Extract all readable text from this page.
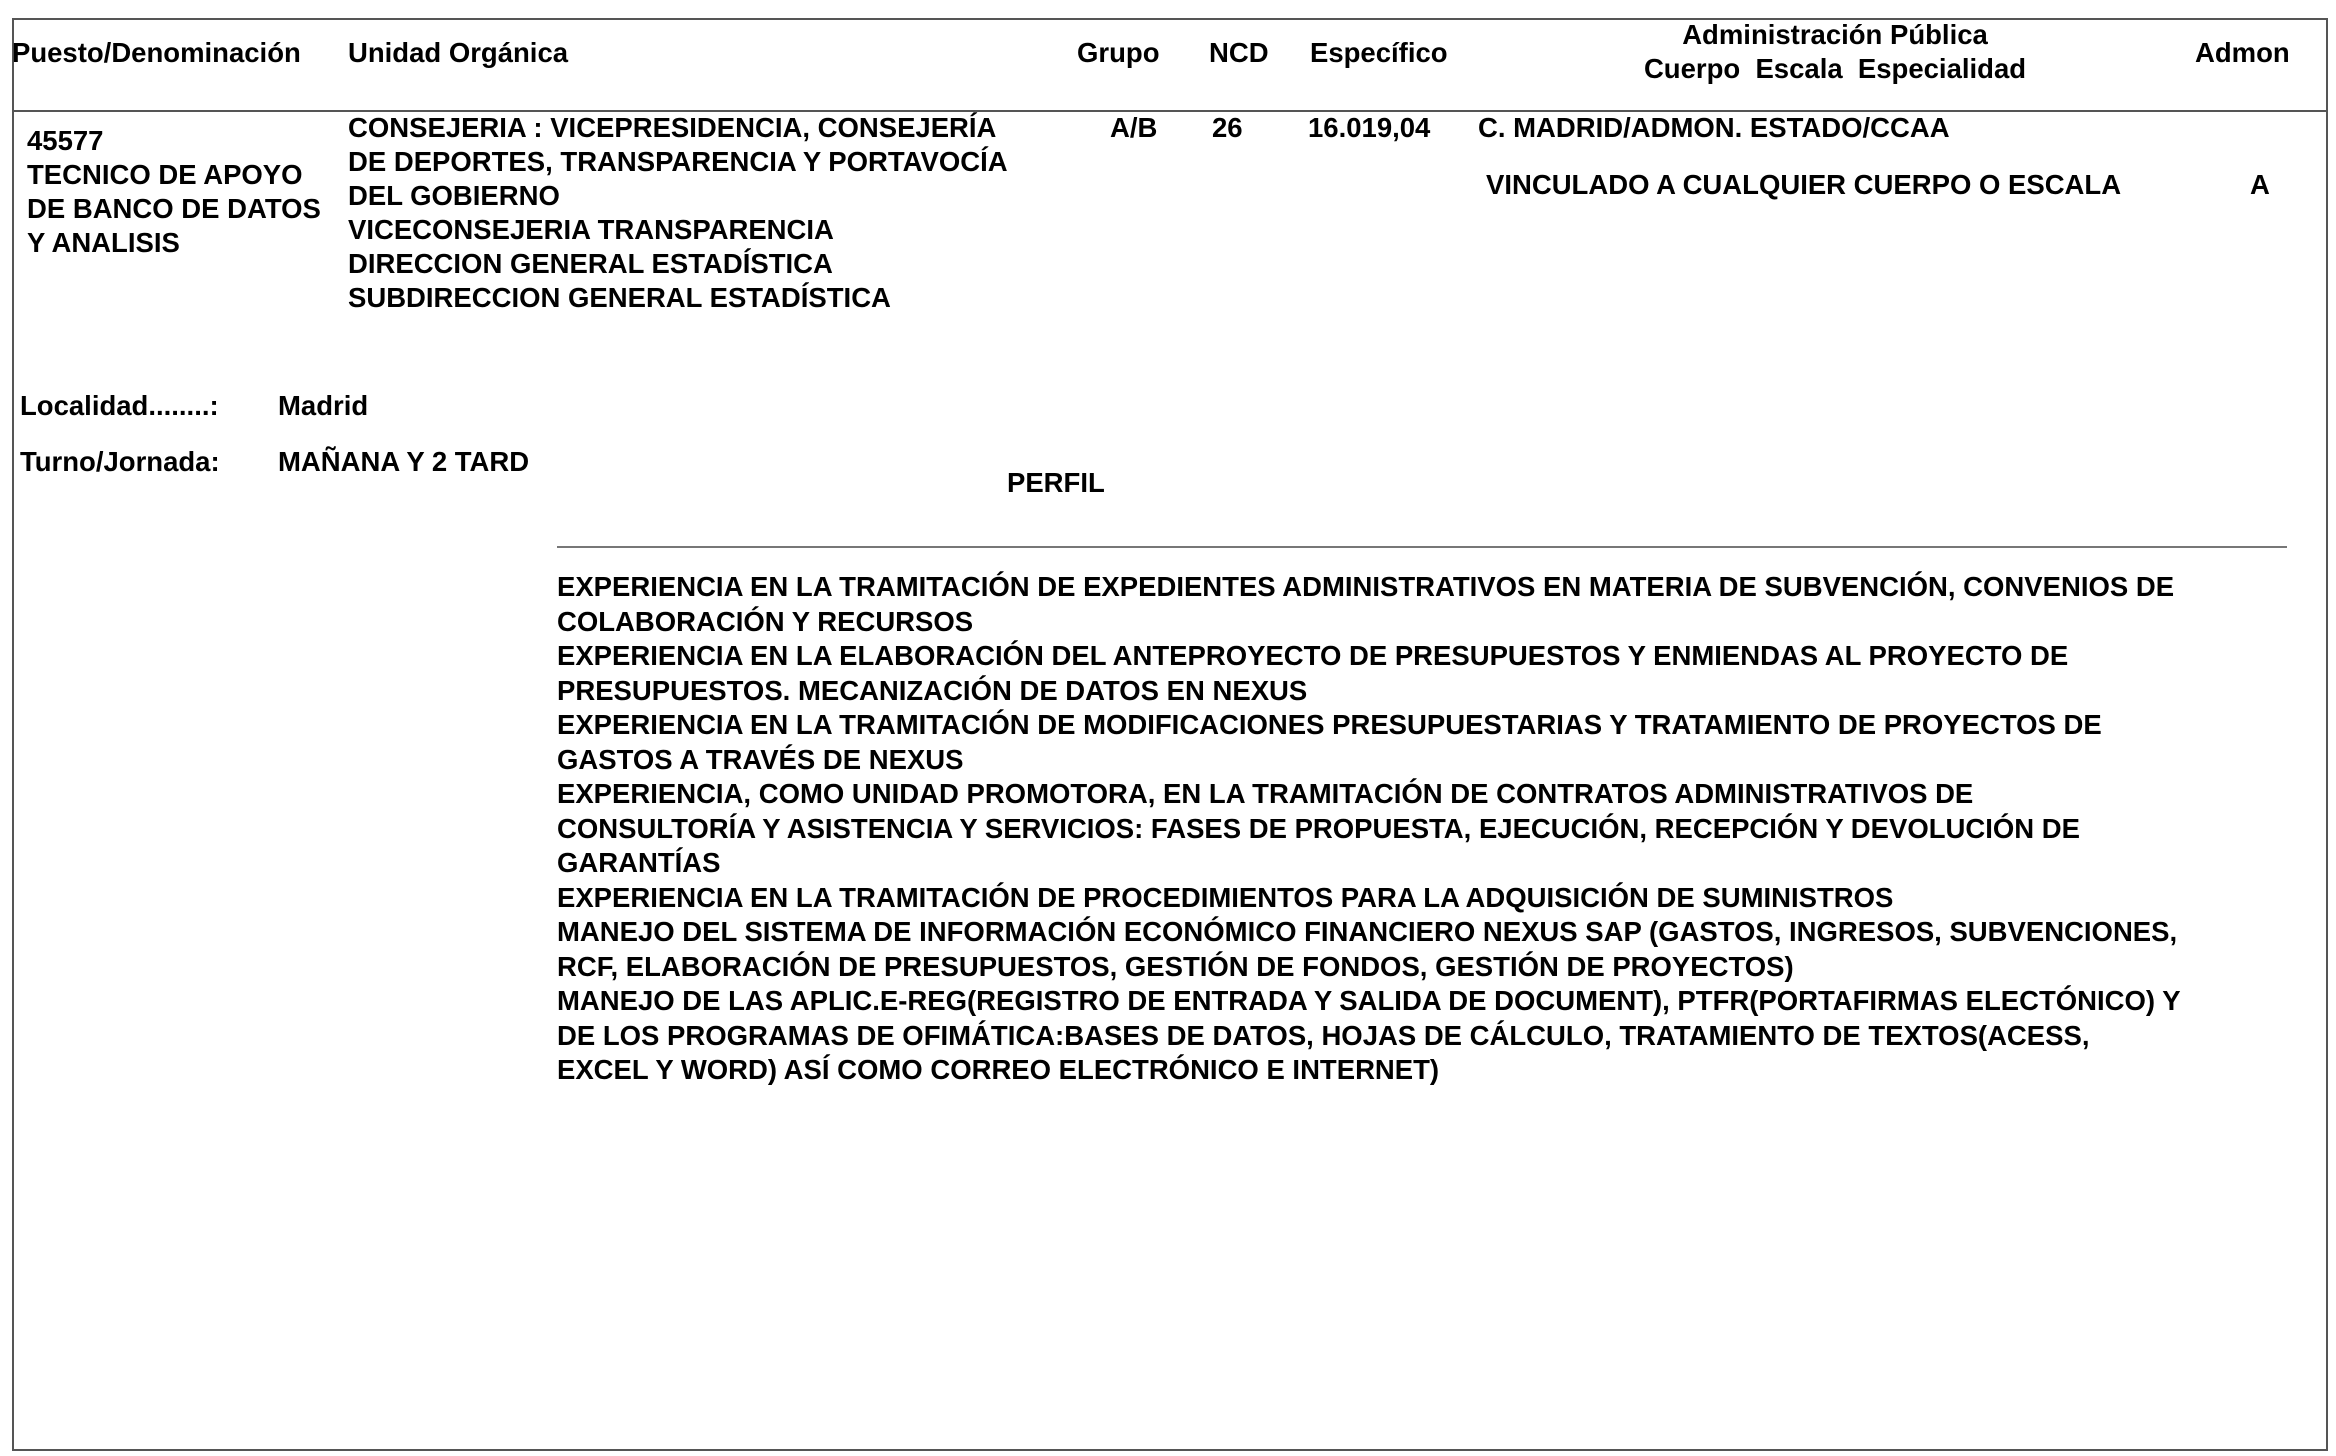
Puesto/Denominación Unidad Orgánica	Grupo NCD Específico
Administración Pública
Cuerpo  Escala  Especialidad
Admon
45577
TECNICO DE APOYO
DE BANCO DE DATOS
Y ANALISIS
CONSEJERIA : VICEPRESIDENCIA, CONSEJERÍA
DE DEPORTES, TRANSPARENCIA Y PORTAVOCÍA
DEL GOBIERNO
VICECONSEJERIA TRANSPARENCIA
DIRECCION GENERAL ESTADÍSTICA
SUBDIRECCION GENERAL ESTADÍSTICA
A/B 26 16.019,04 C. MADRID/ADMON. ESTADO/CCAA
VINCULADO A CUALQUIER CUERPO O ESCALA	A
Localidad........: Madrid
Turno/Jornada: MAÑANA Y 2 TARD
PERFIL
EXPERIENCIA EN LA TRAMITACIÓN DE EXPEDIENTES ADMINISTRATIVOS EN MATERIA DE SUBVENCIÓN, CONVENIOS DE
COLABORACIÓN Y RECURSOS
EXPERIENCIA EN LA ELABORACIÓN DEL ANTEPROYECTO DE PRESUPUESTOS Y ENMIENDAS AL PROYECTO DE
PRESUPUESTOS. MECANIZACIÓN DE DATOS EN NEXUS
EXPERIENCIA EN LA TRAMITACIÓN DE MODIFICACIONES PRESUPUESTARIAS Y TRATAMIENTO DE PROYECTOS DE
GASTOS A TRAVÉS DE NEXUS
EXPERIENCIA, COMO UNIDAD PROMOTORA, EN LA TRAMITACIÓN DE CONTRATOS ADMINISTRATIVOS DE
CONSULTORÍA Y ASISTENCIA Y SERVICIOS: FASES DE PROPUESTA, EJECUCIÓN, RECEPCIÓN Y DEVOLUCIÓN DE
GARANTÍAS
EXPERIENCIA EN LA TRAMITACIÓN DE PROCEDIMIENTOS PARA LA ADQUISICIÓN DE SUMINISTROS
MANEJO DEL SISTEMA DE INFORMACIÓN ECONÓMICO FINANCIERO NEXUS SAP (GASTOS, INGRESOS, SUBVENCIONES,
RCF, ELABORACIÓN DE PRESUPUESTOS, GESTIÓN DE FONDOS, GESTIÓN DE PROYECTOS)
MANEJO DE LAS APLIC.E-REG(REGISTRO DE ENTRADA Y SALIDA DE DOCUMENT), PTFR(PORTAFIRMAS ELECTÓNICO) Y
DE LOS PROGRAMAS DE OFIMÁTICA:BASES DE DATOS, HOJAS DE CÁLCULO, TRATAMIENTO DE TEXTOS(ACESS,
EXCEL Y WORD) ASÍ COMO CORREO ELECTRÓNICO E INTERNET)
